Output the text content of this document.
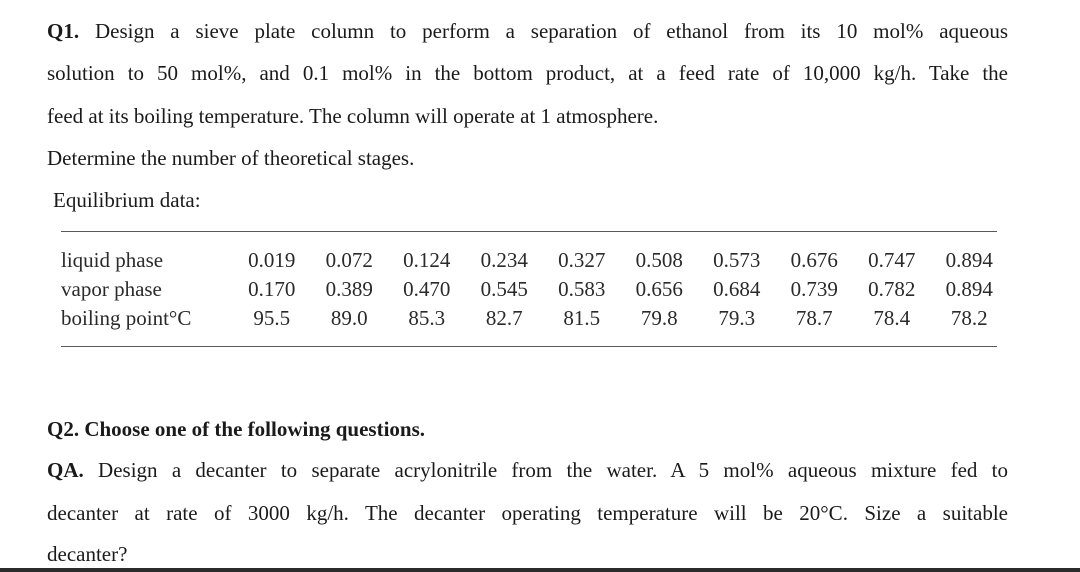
Q1. Design a sieve plate column to perform a separation of ethanol from its 10 mol% aqueous
solution to 50 mol%, and 0.1 mol% in the bottom product, at a feed rate of 10,000 kg/h. Take the
feed at its boiling temperature. The column will operate at 1 atmosphere.
Determine the number of theoretical stages.
Equilibrium data:
liquid phase	0.019	0.072	0.124	0.234	0.327	0.508	0.573	0.676	0.747	0.894
vapor phase	0.170	0.389	0.470	0.545	0.583	0.656	0.684	0.739	0.782	0.894
boiling point°C	95.5	89.0	85.3	82.7	81.5	79.8	79.3	78.7	78.4	78.2
Q2. Choose one of the following questions.
QA. Design a decanter to separate acrylonitrile from the water. A 5 mol% aqueous mixture fed to
decanter at rate of 3000 kg/h. The decanter operating temperature will be 20°C. Size a suitable
decanter?
